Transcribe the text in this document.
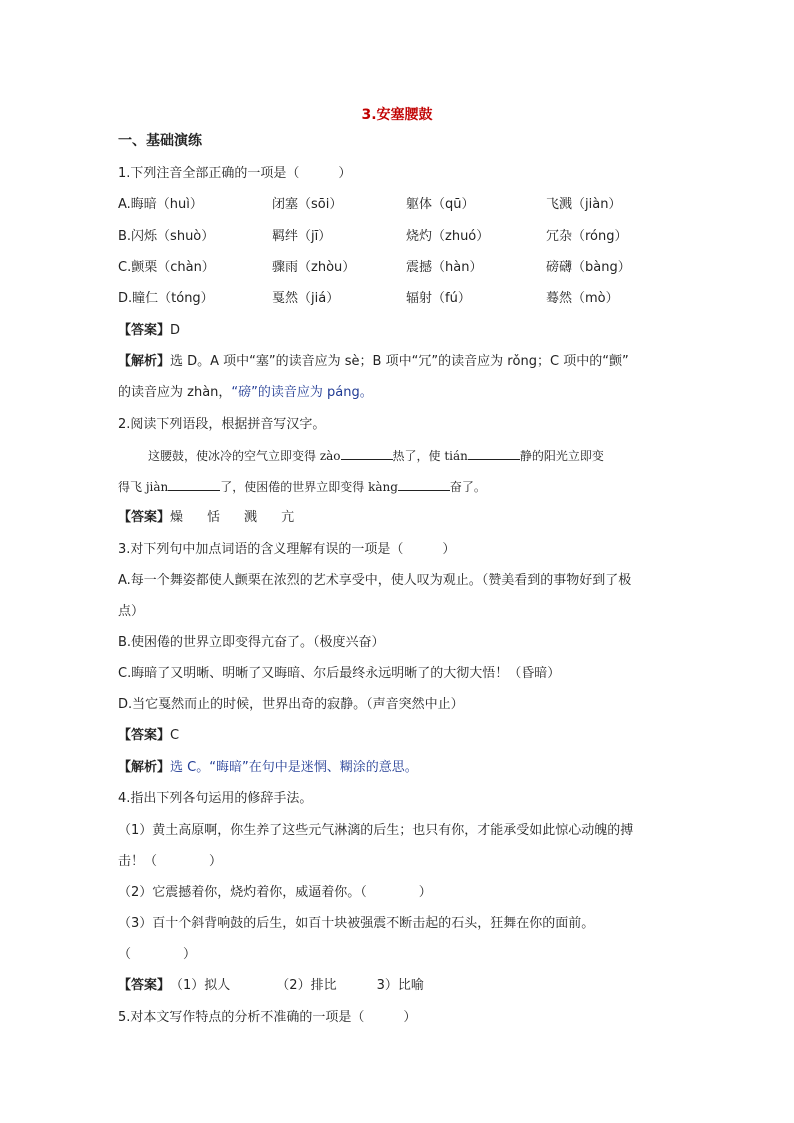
3.安塞腰鼓
一、基础演练
1.下列注音全部正确的一项是（　　　）
A.晦暗（huì）	闭塞（sōi）	躯体（qū）	飞溅（jiàn）
B.闪烁（shuò）	羁绊（jī）	烧灼（zhuó）	冗杂（róng）
C.颤栗（chàn）	骤雨（zhòu）	震撼（hàn）	磅礴（bàng）
D.瞳仁（tóng）	戛然（jiá）	辐射（fú）	蓦然（mò）
【答案】D
【解析】选 D。A 项中“塞”的读音应为 sè；B 项中“冗”的读音应为 rǒng；C 项中的“颤”
的读音应为 zhàn，“磅”的读音应为 páng。
2.阅读下列语段，根据拼音写汉字。
这腰鼓，使冰冷的空气立即变得 zào	热了，使 tián	静的阳光立即变
得飞 jiàn	了，使困倦的世界立即变得 kàng	奋了。
【答案】燥 恬 溅 亢
3.对下列句中加点词语的含义理解有误的一项是（　　　）
A.每一个舞姿都使人颤栗在浓烈的艺术享受中，使人叹为观止。（赞美看到的事物好到了极
点）
B.使困倦的世界立即变得亢奋了。（极度兴奋）
C.晦暗了又明晰、明晰了又晦暗、尔后最终永远明晰了的大彻大悟！（昏暗）
D.当它戛然而止的时候，世界出奇的寂静。（声音突然中止）
【答案】C
【解析】选 C。“晦暗”在句中是迷惘、糊涂的意思。
4.指出下列各句运用的修辞手法。
（1）黄土高原啊，你生养了这些元气淋漓的后生；也只有你，才能承受如此惊心动魄的搏
击！（　　　　）
（2）它震撼着你，烧灼着你，威逼着你。（　　　　）
（3）百十个斜背响鼓的后生，如百十块被强震不断击起的石头，狂舞在你的面前。
（　　　　）
【答案】（1）拟人	（2）排比	3）比喻
5.对本文写作特点的分析不准确的一项是（　　　）
